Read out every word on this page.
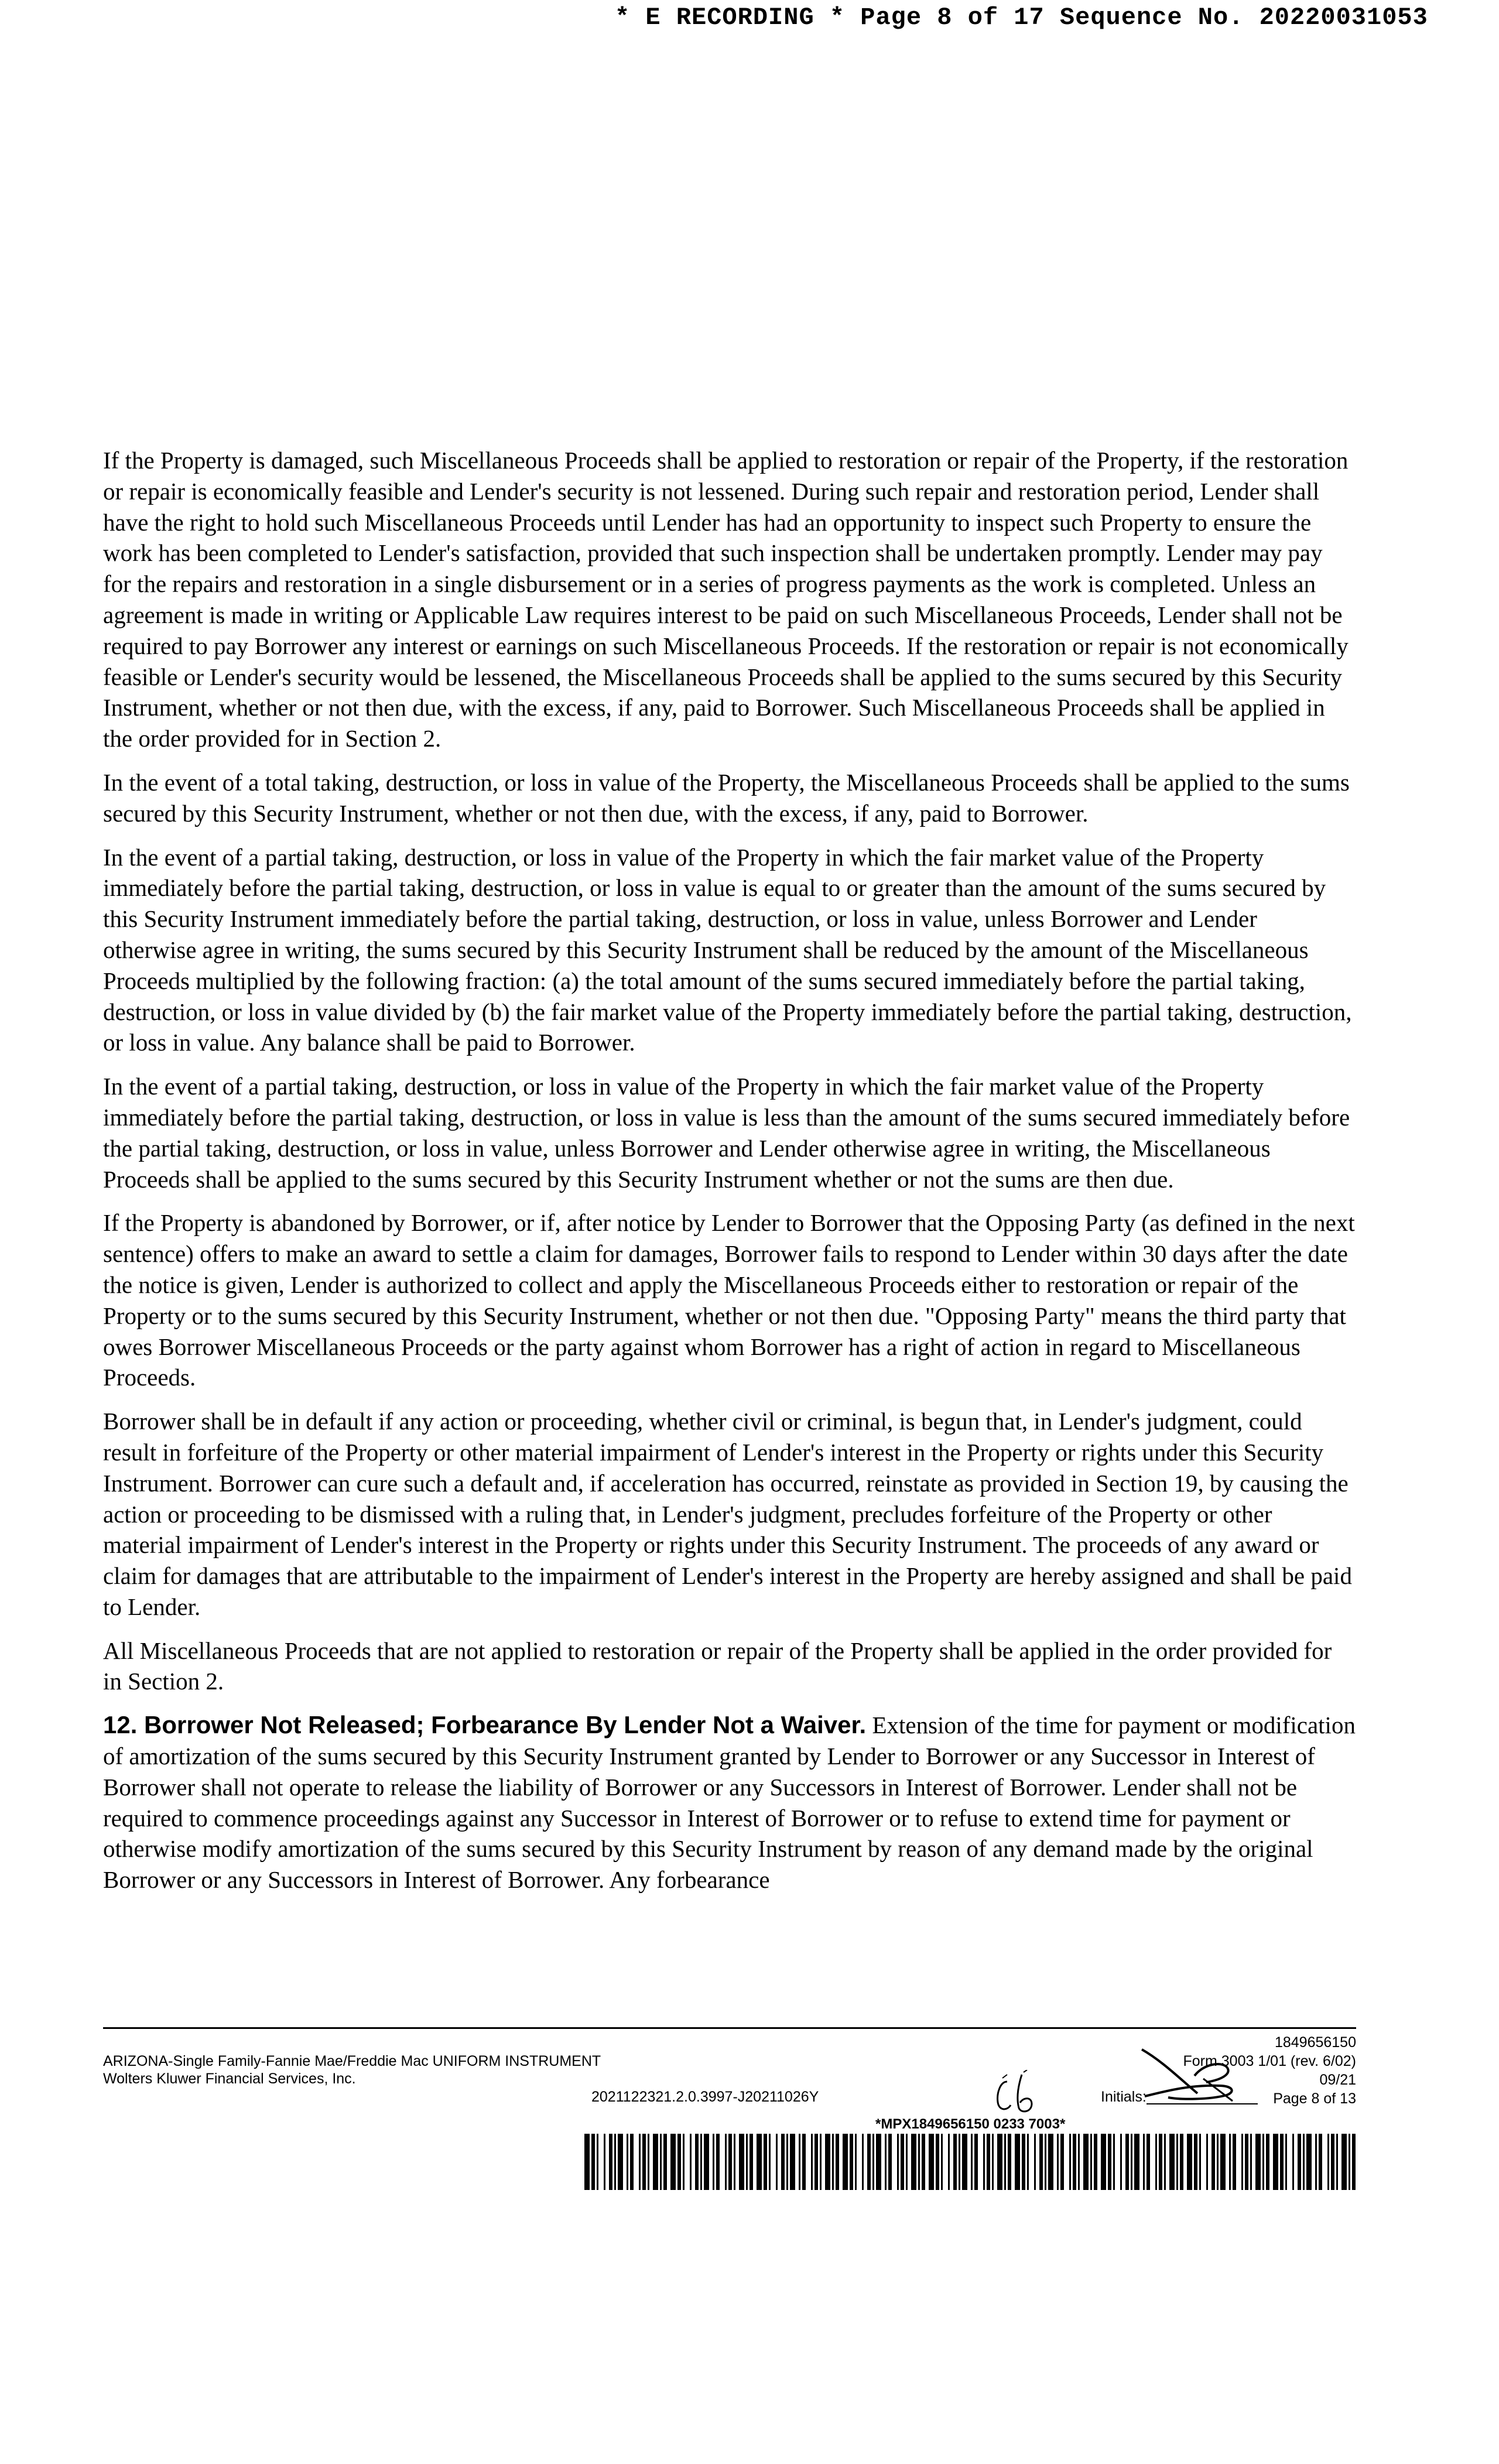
* E RECORDING * Page 8 of 17 Sequence No. 20220031053

If the Property is damaged, such Miscellaneous Proceeds shall be applied to restoration or repair of the Property, if the restoration or repair is economically feasible and Lender's security is not lessened. During such repair and restoration period, Lender shall have the right to hold such Miscellaneous Proceeds until Lender has had an opportunity to inspect such Property to ensure the work has been completed to Lender's satisfaction, provided that such inspection shall be undertaken promptly. Lender may pay for the repairs and restoration in a single disbursement or in a series of progress payments as the work is completed. Unless an agreement is made in writing or Applicable Law requires interest to be paid on such Miscellaneous Proceeds, Lender shall not be required to pay Borrower any interest or earnings on such Miscellaneous Proceeds. If the restoration or repair is not economically feasible or Lender's security would be lessened, the Miscellaneous Proceeds shall be applied to the sums secured by this Security Instrument, whether or not then due, with the excess, if any, paid to Borrower. Such Miscellaneous Proceeds shall be applied in the order provided for in Section 2.

In the event of a total taking, destruction, or loss in value of the Property, the Miscellaneous Proceeds shall be applied to the sums secured by this Security Instrument, whether or not then due, with the excess, if any, paid to Borrower.

In the event of a partial taking, destruction, or loss in value of the Property in which the fair market value of the Property immediately before the partial taking, destruction, or loss in value is equal to or greater than the amount of the sums secured by this Security Instrument immediately before the partial taking, destruction, or loss in value, unless Borrower and Lender otherwise agree in writing, the sums secured by this Security Instrument shall be reduced by the amount of the Miscellaneous Proceeds multiplied by the following fraction: (a) the total amount of the sums secured immediately before the partial taking, destruction, or loss in value divided by (b) the fair market value of the Property immediately before the partial taking, destruction, or loss in value. Any balance shall be paid to Borrower.

In the event of a partial taking, destruction, or loss in value of the Property in which the fair market value of the Property immediately before the partial taking, destruction, or loss in value is less than the amount of the sums secured immediately before the partial taking, destruction, or loss in value, unless Borrower and Lender otherwise agree in writing, the Miscellaneous Proceeds shall be applied to the sums secured by this Security Instrument whether or not the sums are then due.

If the Property is abandoned by Borrower, or if, after notice by Lender to Borrower that the Opposing Party (as defined in the next sentence) offers to make an award to settle a claim for damages, Borrower fails to respond to Lender within 30 days after the date the notice is given, Lender is authorized to collect and apply the Miscellaneous Proceeds either to restoration or repair of the Property or to the sums secured by this Security Instrument, whether or not then due. "Opposing Party" means the third party that owes Borrower Miscellaneous Proceeds or the party against whom Borrower has a right of action in regard to Miscellaneous Proceeds.

Borrower shall be in default if any action or proceeding, whether civil or criminal, is begun that, in Lender's judgment, could result in forfeiture of the Property or other material impairment of Lender's interest in the Property or rights under this Security Instrument. Borrower can cure such a default and, if acceleration has occurred, reinstate as provided in Section 19, by causing the action or proceeding to be dismissed with a ruling that, in Lender's judgment, precludes forfeiture of the Property or other material impairment of Lender's interest in the Property or rights under this Security Instrument. The proceeds of any award or claim for damages that are attributable to the impairment of Lender's interest in the Property are hereby assigned and shall be paid to Lender.

All Miscellaneous Proceeds that are not applied to restoration or repair of the Property shall be applied in the order provided for in Section 2.

12. Borrower Not Released; Forbearance By Lender Not a Waiver. Extension of the time for payment or modification of amortization of the sums secured by this Security Instrument granted by Lender to Borrower or any Successor in Interest of Borrower shall not operate to release the liability of Borrower or any Successors in Interest of Borrower. Lender shall not be required to commence proceedings against any Successor in Interest of Borrower or to refuse to extend time for payment or otherwise modify amortization of the sums secured by this Security Instrument by reason of any demand made by the original Borrower or any Successors in Interest of Borrower. Any forbearance

ARIZONA-Single Family-Fannie Mae/Freddie Mac UNIFORM INSTRUMENT
Wolters Kluwer Financial Services, Inc.
2021122321.2.0.3997-J20211026Y	Initials:
1849656150
Form 3003 1/01 (rev. 6/02)
09/21
Page 8 of 13
*MPX1849656150 0233 7003*
